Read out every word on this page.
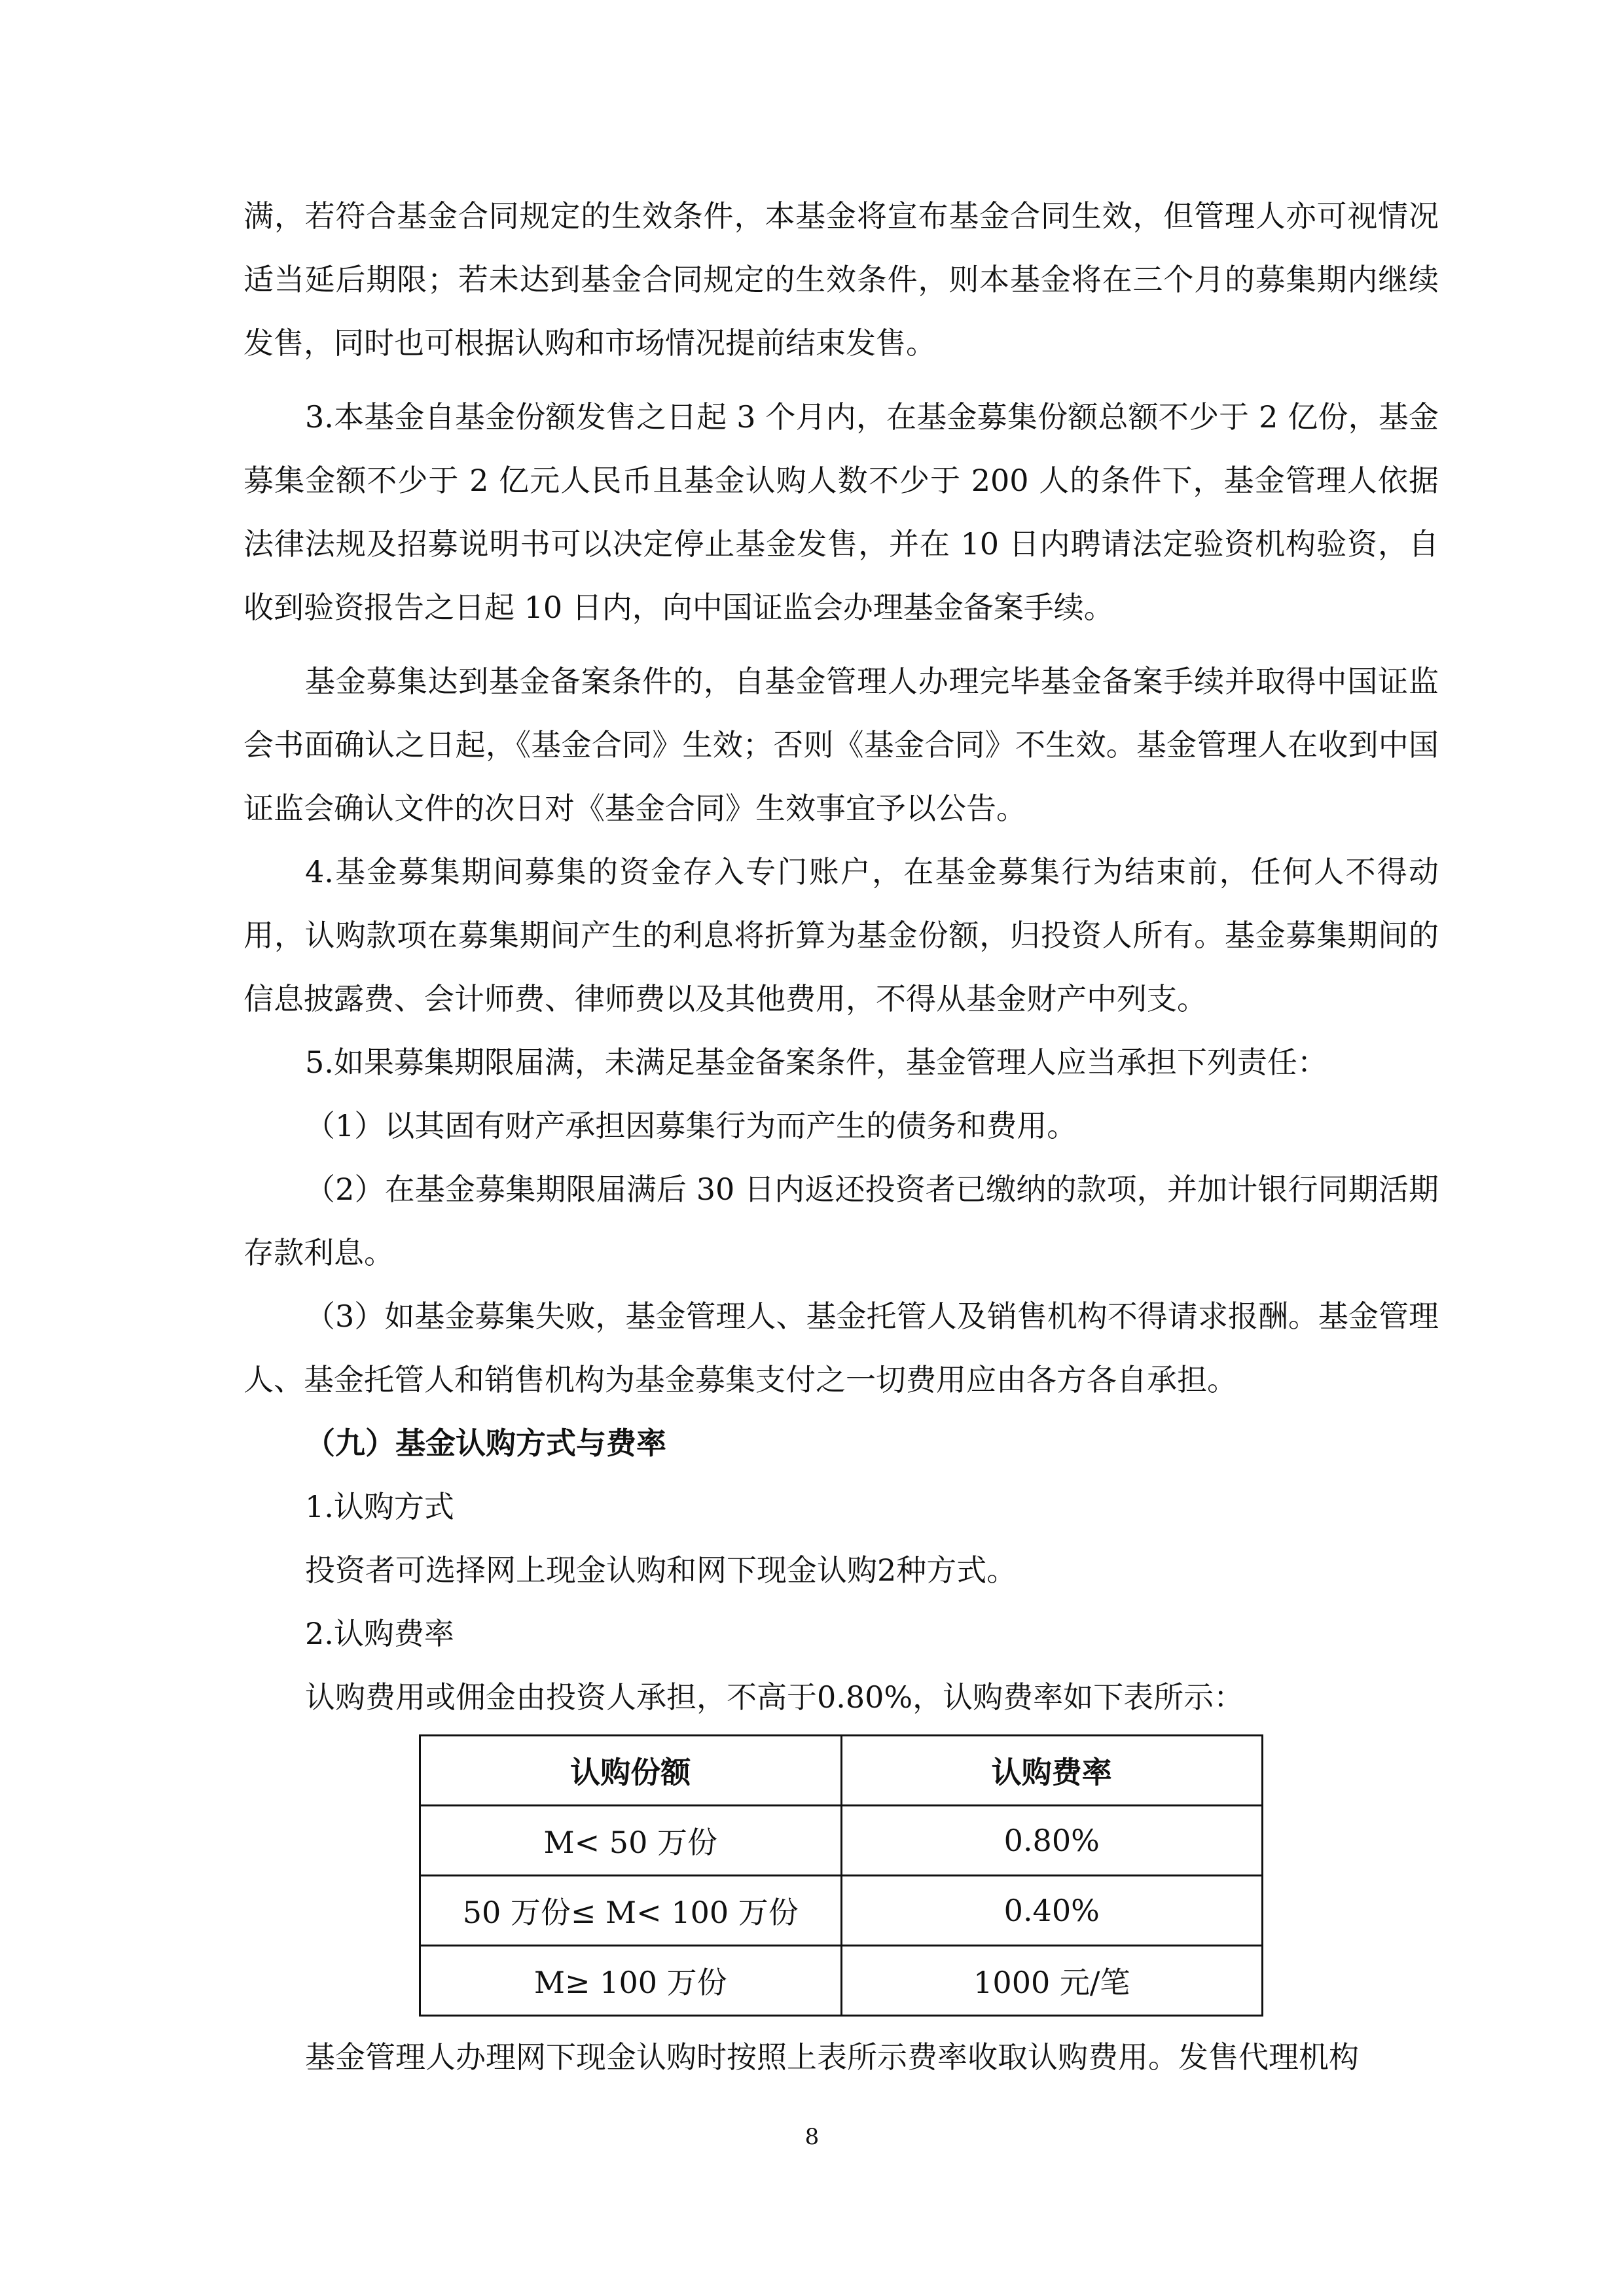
满，若符合基金合同规定的生效条件，本基金将宣布基金合同生效，但管理人亦可视情况适当延后期限；若未达到基金合同规定的生效条件，则本基金将在三个月的募集期内继续发售，同时也可根据认购和市场情况提前结束发售。

3.本基金自基金份额发售之日起 3 个月内，在基金募集份额总额不少于 2 亿份，基金募集金额不少于 2 亿元人民币且基金认购人数不少于 200 人的条件下，基金管理人依据法律法规及招募说明书可以决定停止基金发售，并在 10 日内聘请法定验资机构验资，自收到验资报告之日起 10 日内，向中国证监会办理基金备案手续。

基金募集达到基金备案条件的，自基金管理人办理完毕基金备案手续并取得中国证监会书面确认之日起，《基金合同》生效；否则《基金合同》不生效。基金管理人在收到中国证监会确认文件的次日对《基金合同》生效事宜予以公告。

4.基金募集期间募集的资金存入专门账户，在基金募集行为结束前，任何人不得动用，认购款项在募集期间产生的利息将折算为基金份额，归投资人所有。基金募集期间的信息披露费、会计师费、律师费以及其他费用，不得从基金财产中列支。

5.如果募集期限届满，未满足基金备案条件，基金管理人应当承担下列责任：

（1）以其固有财产承担因募集行为而产生的债务和费用。

（2）在基金募集期限届满后 30 日内返还投资者已缴纳的款项，并加计银行同期活期存款利息。

（3）如基金募集失败，基金管理人、基金托管人及销售机构不得请求报酬。基金管理人、基金托管人和销售机构为基金募集支付之一切费用应由各方各自承担。

（九）基金认购方式与费率

1.认购方式

投资者可选择网上现金认购和网下现金认购2种方式。

2.认购费率

认购费用或佣金由投资人承担，不高于0.80%，认购费率如下表所示：

认购份额	认购费率
M< 50 万份	0.80%
50 万份≤ M< 100 万份	0.40%
M≥ 100 万份	1000 元/笔

基金管理人办理网下现金认购时按照上表所示费率收取认购费用。发售代理机构

8
